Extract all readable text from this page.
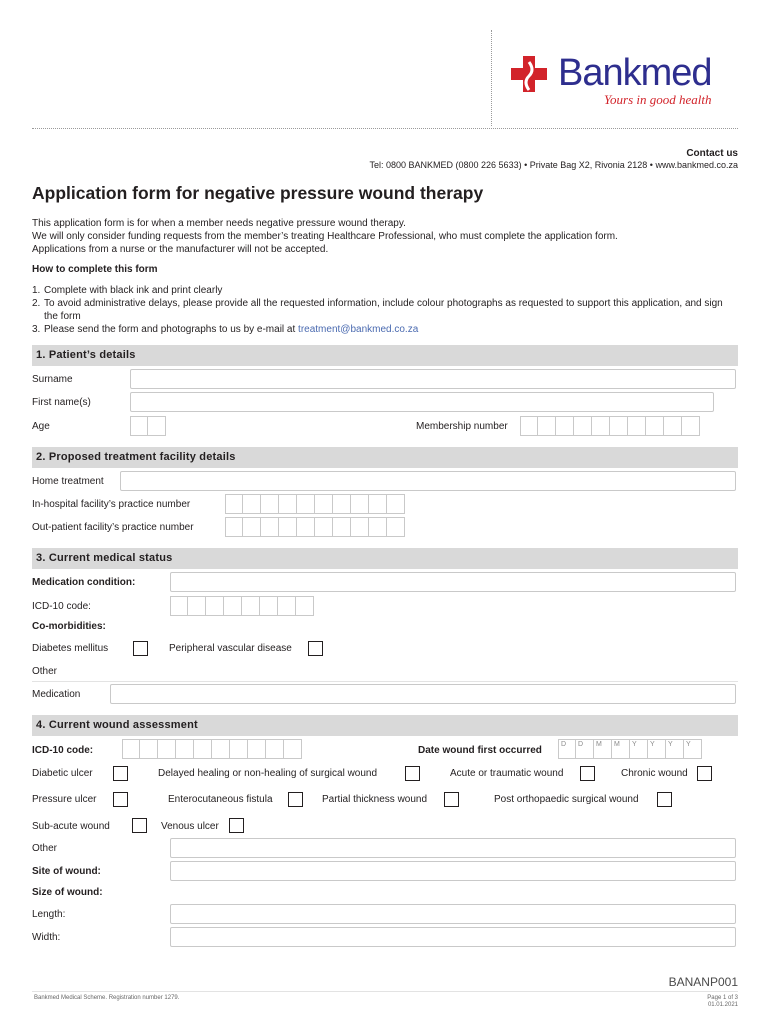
Bankmed
Yours in good health
Contact us
Tel: 0800 BANKMED (0800 226 5633) • Private Bag X2, Rivonia 2128 • www.bankmed.co.za
Application form for negative pressure wound therapy
This application form is for when a member needs negative pressure wound therapy.
We will only consider funding requests from the member’s treating Healthcare Professional, who must complete the application form.
Applications from a nurse or the manufacturer will not be accepted.
How to complete this form
1. Complete with black ink and print clearly
2. To avoid administrative delays, please provide all the requested information, include colour photographs as requested to support this application, and sign the form
3. Please send the form and photographs to us by e-mail at treatment@bankmed.co.za
1. Patient’s details
Surname
First name(s)
Age	Membership number
2. Proposed treatment facility details
Home treatment
In-hospital facility’s practice number
Out-patient facility’s practice number
3. Current medical status
Medication condition:
ICD-10 code:
Co-morbidities:
Diabetes mellitus	Peripheral vascular disease
Other
Medication
4. Current wound assessment
ICD-10 code:	Date wound first occurred
D	D	M	M	Y	Y	Y	Y
Diabetic ulcer	Delayed healing or non-healing of surgical wound	Acute or traumatic wound	Chronic wound
Pressure ulcer	Enterocutaneous fistula	Partial thickness wound	Post orthopaedic surgical wound
Sub-acute wound	Venous ulcer
Other
Site of wound:
Size of wound:
Length:
Width:
BANANP001
Bankmed Medical Scheme. Registration number 1279.	Page 1 of 3
01.01.2021
